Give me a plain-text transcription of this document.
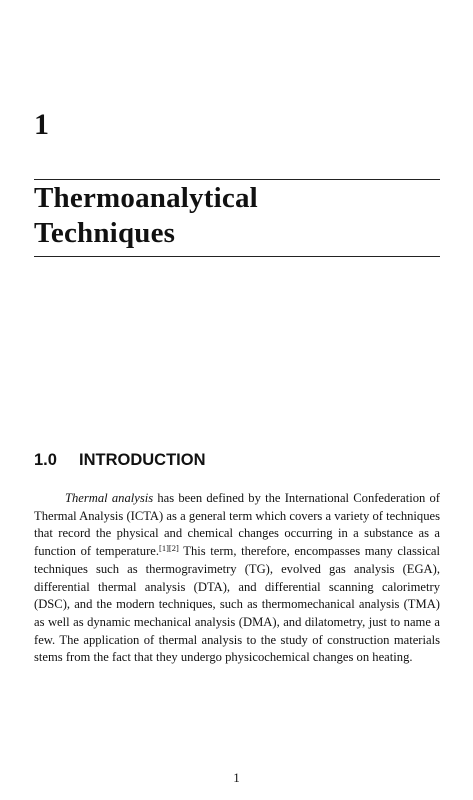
1
Thermoanalytical
Techniques
1.0 INTRODUCTION

Thermal analysis has been defined by the International Confederation of Thermal Analysis (ICTA) as a general term which covers a variety of techniques that record the physical and chemical changes occurring in a substance as a function of temperature.[1][2] This term, therefore, encompasses many classical techniques such as thermogravimetry (TG), evolved gas analysis (EGA), differential thermal analysis (DTA), and differential scanning calorimetry (DSC), and the modern techniques, such as thermomechanical analysis (TMA) as well as dynamic mechanical analysis (DMA), and dilatometry, just to name a few. The application of thermal analysis to the study of construction materials stems from the fact that they undergo physicochemical changes on heating.

1
